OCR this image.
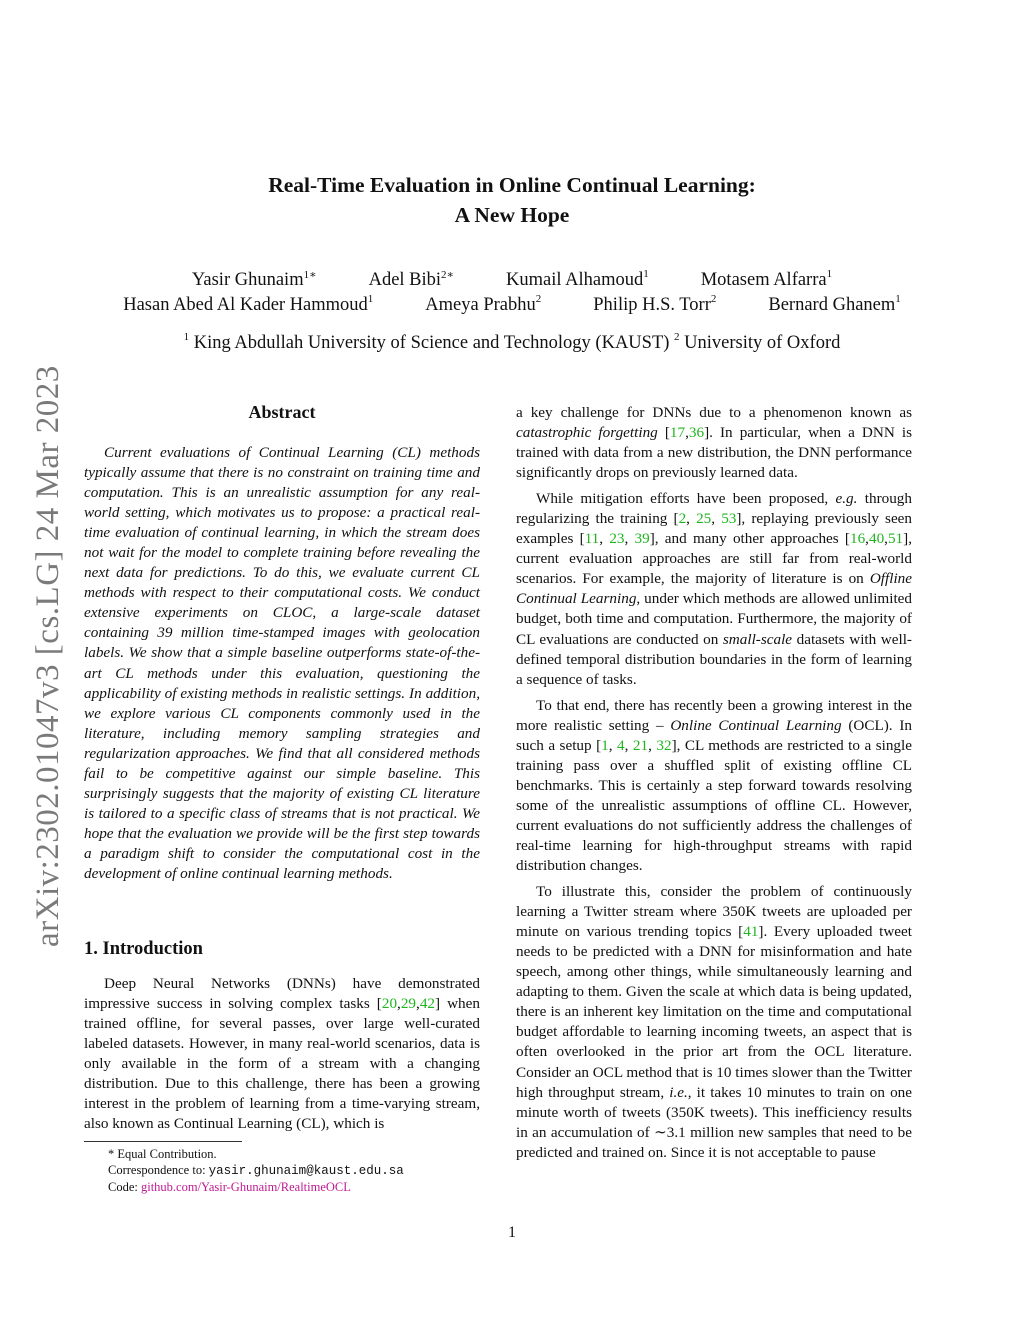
arXiv:2302.01047v3 [cs.LG] 24 Mar 2023
Real-Time Evaluation in Online Continual Learning:
A New Hope
Yasir Ghunaim$^{1∗}$	Adel Bibi$^{2∗}$	Kumail Alhamoud$^1$	Motasem Alfarra$^1$
Hasan Abed Al Kader Hammoud$^1$	Ameya Prabhu$^2$	Philip H.S. Torr$^2$	Bernard Ghanem$^1$
$^1$ King Abdullah University of Science and Technology (KAUST) $^2$ University of Oxford
Abstract
Current evaluations of Continual Learning (CL) methods typically assume that there is no constraint on training time and computation. This is an unrealistic assumption for any real-world setting, which motivates us to propose: a practical real-time evaluation of continual learning, in which the stream does not wait for the model to complete training before revealing the next data for predictions. To do this, we evaluate current CL methods with respect to their computational costs. We conduct extensive experiments on CLOC, a large-scale dataset containing 39 million time-stamped images with geolocation labels. We show that a simple baseline outperforms state-of-the-art CL methods under this evaluation, questioning the applicability of existing methods in realistic settings. In addition, we explore various CL components commonly used in the literature, including memory sampling strategies and regularization approaches. We find that all considered methods fail to be competitive against our simple baseline. This surprisingly suggests that the majority of existing CL literature is tailored to a specific class of streams that is not practical. We hope that the evaluation we provide will be the first step towards a paradigm shift to consider the computational cost in the development of online continual learning methods.
1. Introduction
Deep Neural Networks (DNNs) have demonstrated impressive success in solving complex tasks [20,29,42] when trained offline, for several passes, over large well-curated labeled datasets. However, in many real-world scenarios, data is only available in the form of a stream with a changing distribution. Due to this challenge, there has been a growing interest in the problem of learning from a time-varying stream, also known as Continual Learning (CL), which is

a key challenge for DNNs due to a phenomenon known as catastrophic forgetting [17,36]. In particular, when a DNN is trained with data from a new distribution, the DNN performance significantly drops on previously learned data.

While mitigation efforts have been proposed, e.g. through regularizing the training [2, 25, 53], replaying previously seen examples [11, 23, 39], and many other approaches [16,40,51], current evaluation approaches are still far from real-world scenarios. For example, the majority of literature is on Offline Continual Learning, under which methods are allowed unlimited budget, both time and computation. Furthermore, the majority of CL evaluations are conducted on small-scale datasets with well-defined temporal distribution boundaries in the form of learning a sequence of tasks.

To that end, there has recently been a growing interest in the more realistic setting – Online Continual Learning (OCL). In such a setup [1, 4, 21, 32], CL methods are restricted to a single training pass over a shuffled split of existing offline CL benchmarks. This is certainly a step forward towards resolving some of the unrealistic assumptions of offline CL. However, current evaluations do not sufficiently address the challenges of real-time learning for high-throughput streams with rapid distribution changes.

To illustrate this, consider the problem of continuously learning a Twitter stream where 350K tweets are uploaded per minute on various trending topics [41]. Every uploaded tweet needs to be predicted with a DNN for misinformation and hate speech, among other things, while simultaneously learning and adapting to them. Given the scale at which data is being updated, there is an inherent key limitation on the time and computational budget affordable to learning incoming tweets, an aspect that is often overlooked in the prior art from the OCL literature. Consider an OCL method that is 10 times slower than the Twitter high throughput stream, i.e., it takes 10 minutes to train on one minute worth of tweets (350K tweets). This inefficiency results in an accumulation of ∼3.1 million new samples that need to be predicted and trained on. Since it is not acceptable to pause

* Equal Contribution.
Correspondence to: yasir.ghunaim@kaust.edu.sa
Code: github.com/Yasir-Ghunaim/RealtimeOCL
1
